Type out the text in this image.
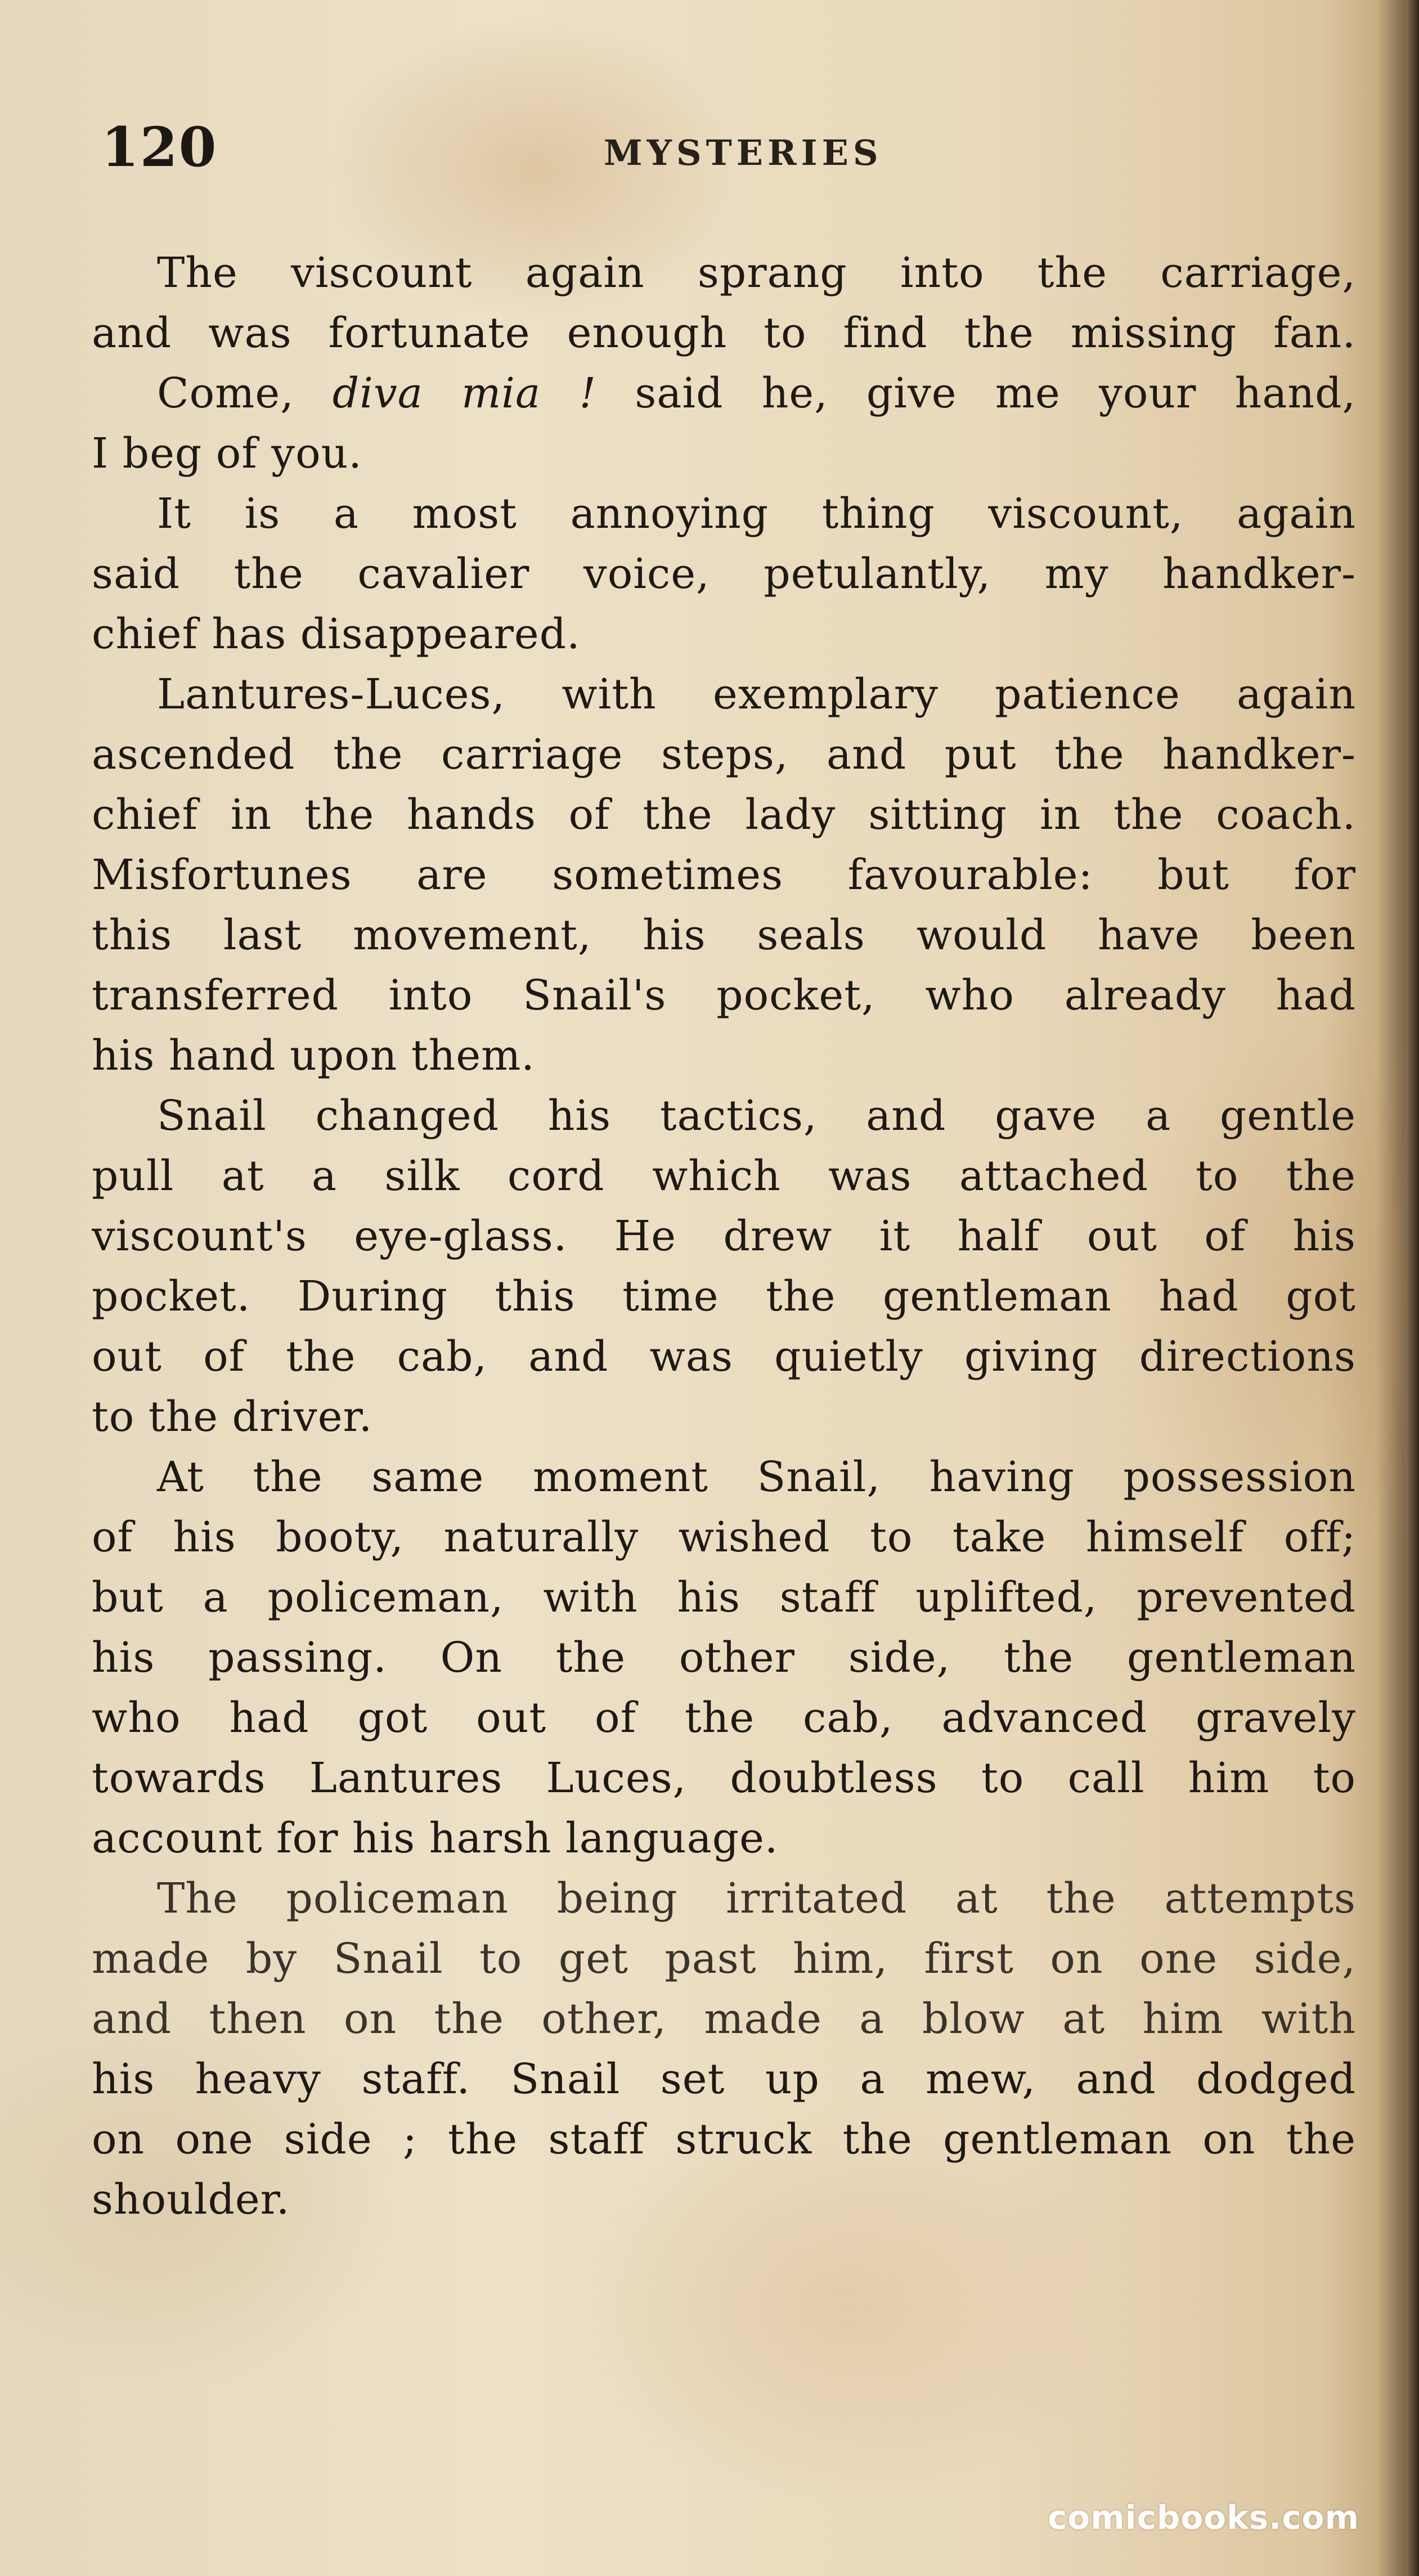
120	MYSTERIES
The viscount again sprang into the carriage,
and was fortunate enough to find the missing fan.
Come, diva mia ! said he, give me your hand,
I beg of you.
It is a most annoying thing viscount, again
said the cavalier voice, petulantly, my handker-
chief has disappeared.
Lantures-Luces, with exemplary patience again
ascended the carriage steps, and put the handker-
chief in the hands of the lady sitting in the coach.
Misfortunes are sometimes favourable: but for
this last movement, his seals would have been
transferred into Snail's pocket, who already had
his hand upon them.
Snail changed his tactics, and gave a gentle
pull at a silk cord which was attached to the
viscount's eye-glass. He drew it half out of his
pocket. During this time the gentleman had got
out of the cab, and was quietly giving directions
to the driver.
At the same moment Snail, having possession
of his booty, naturally wished to take himself off;
but a policeman, with his staff uplifted, prevented
his passing. On the other side, the gentleman
who had got out of the cab, advanced gravely
towards Lantures Luces, doubtless to call him to
account for his harsh language.
The policeman being irritated at the attempts
made by Snail to get past him, first on one side,
and then on the other, made a blow at him with
his heavy staff. Snail set up a mew, and dodged
on one side ; the staff struck the gentleman on the
shoulder.
comicbooks.com
